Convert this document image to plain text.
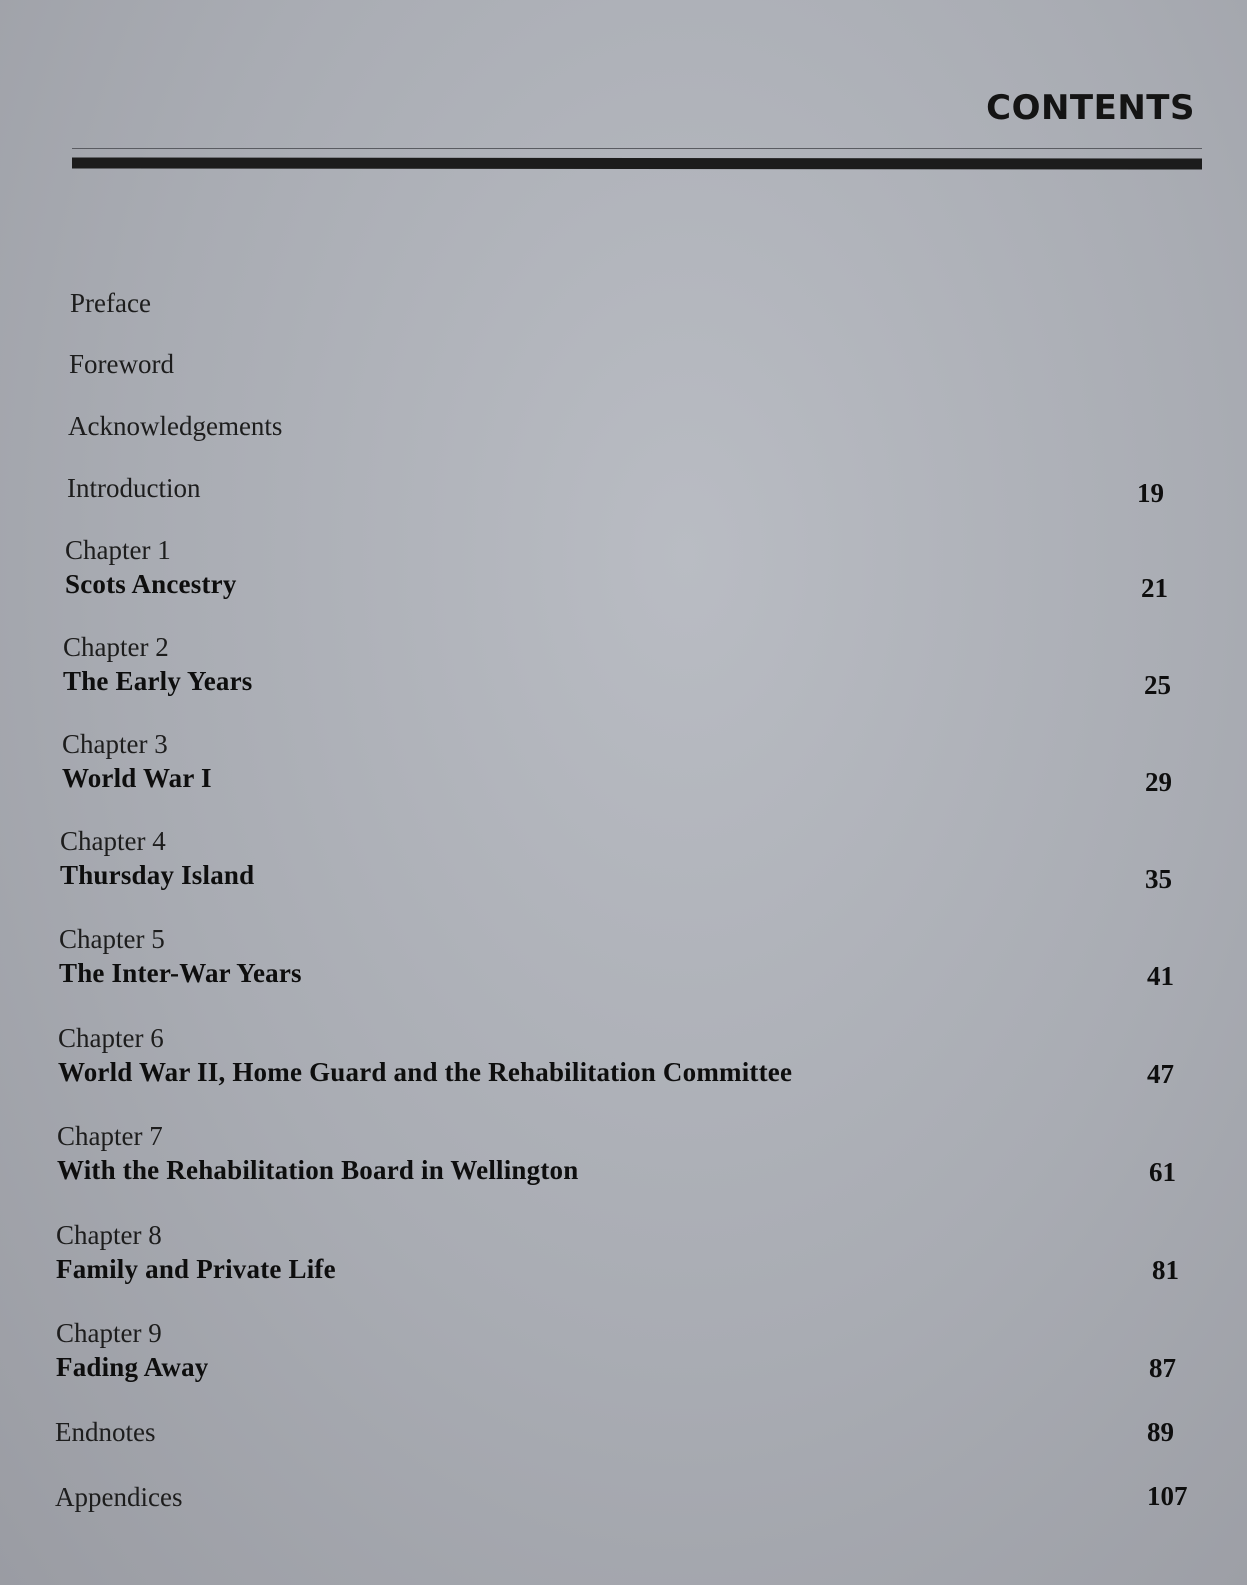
CONTENTS
Preface
Foreword
Acknowledgements
Introduction	19
Chapter 1
Scots Ancestry	21
Chapter 2
The Early Years	25
Chapter 3
World War I	29
Chapter 4
Thursday Island	35
Chapter 5
The Inter-War Years	41
Chapter 6
World War II, Home Guard and the Rehabilitation Committee	47
Chapter 7
With the Rehabilitation Board in Wellington	61
Chapter 8
Family and Private Life	81
Chapter 9
Fading Away	87
Endnotes	89
Appendices	107
